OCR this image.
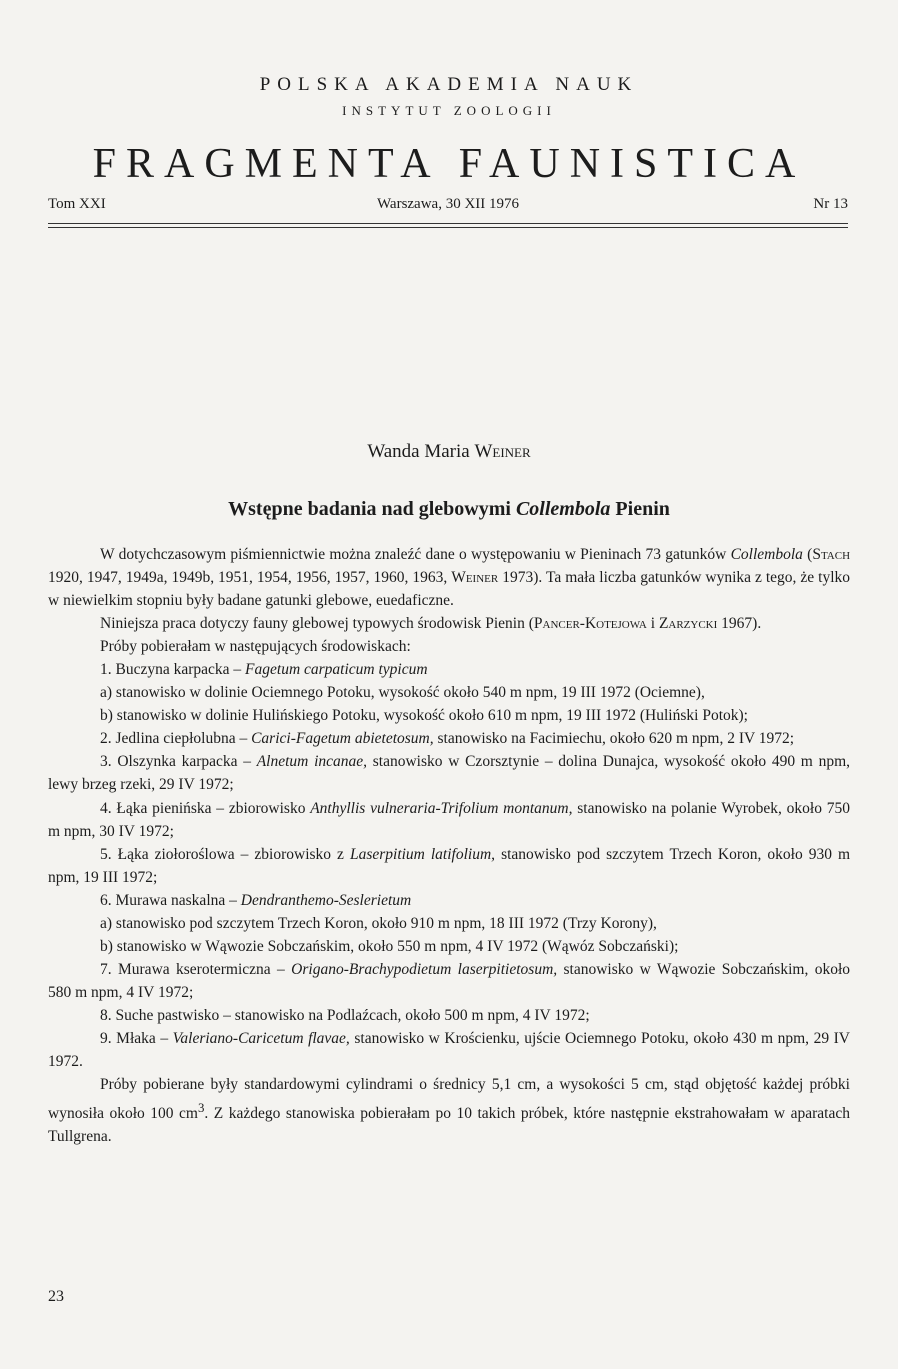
POLSKA AKADEMIA NAUK
INSTYTUT ZOOLOGII
FRAGMENTA FAUNISTICA
Tom XXI	Warszawa, 30 XII 1976	Nr 13
Wanda Maria Weiner
Wstępne badania nad glebowymi Collembola Pienin

W dotychczasowym piśmiennictwie można znaleźć dane o występowaniu w Pieninach 73 gatunków Collembola (Stach 1920, 1947, 1949a, 1949b, 1951, 1954, 1956, 1957, 1960, 1963, Weiner 1973). Ta mała liczba gatunków wynika z tego, że tylko w niewielkim stopniu były badane gatunki glebowe, euedaficzne.

Niniejsza praca dotyczy fauny glebowej typowych środowisk Pienin (Pancer-Kotejowa i Zarzycki 1967).

Próby pobierałam w następujących środowiskach:

1. Buczyna karpacka – Fagetum carpaticum typicum

a) stanowisko w dolinie Ociemnego Potoku, wysokość około 540 m npm, 19 III 1972 (Ociemne),

b) stanowisko w dolinie Hulińskiego Potoku, wysokość około 610 m npm, 19 III 1972 (Huliński Potok);

2. Jedlina ciepłolubna – Carici-Fagetum abietetosum, stanowisko na Facimiechu, około 620 m npm, 2 IV 1972;

3. Olszynka karpacka – Alnetum incanae, stanowisko w Czorsztynie – dolina Dunajca, wysokość około 490 m npm, lewy brzeg rzeki, 29 IV 1972;

4. Łąka pienińska – zbiorowisko Anthyllis vulneraria-Trifolium montanum, stanowisko na polanie Wyrobek, około 750 m npm, 30 IV 1972;

5. Łąka ziołoroślowa – zbiorowisko z Laserpitium latifolium, stanowisko pod szczytem Trzech Koron, około 930 m npm, 19 III 1972;

6. Murawa naskalna – Dendranthemo-Seslerietum

a) stanowisko pod szczytem Trzech Koron, około 910 m npm, 18 III 1972 (Trzy Korony),

b) stanowisko w Wąwozie Sobczańskim, około 550 m npm, 4 IV 1972 (Wąwóz Sobczański);

7. Murawa kserotermiczna – Origano-Brachypodietum laserpitietosum, stanowisko w Wąwozie Sobczańskim, około 580 m npm, 4 IV 1972;

8. Suche pastwisko – stanowisko na Podlaźcach, około 500 m npm, 4 IV 1972;

9. Młaka – Valeriano-Caricetum flavae, stanowisko w Krościenku, ujście Ociemnego Potoku, około 430 m npm, 29 IV 1972.

Próby pobierane były standardowymi cylindrami o średnicy 5,1 cm, a wysokości 5 cm, stąd objętość każdej próbki wynosiła około 100 $cm^3$. Z każdego stanowiska pobierałam po 10 takich próbek, które następnie ekstrahowałam w aparatach Tullgrena.

23
